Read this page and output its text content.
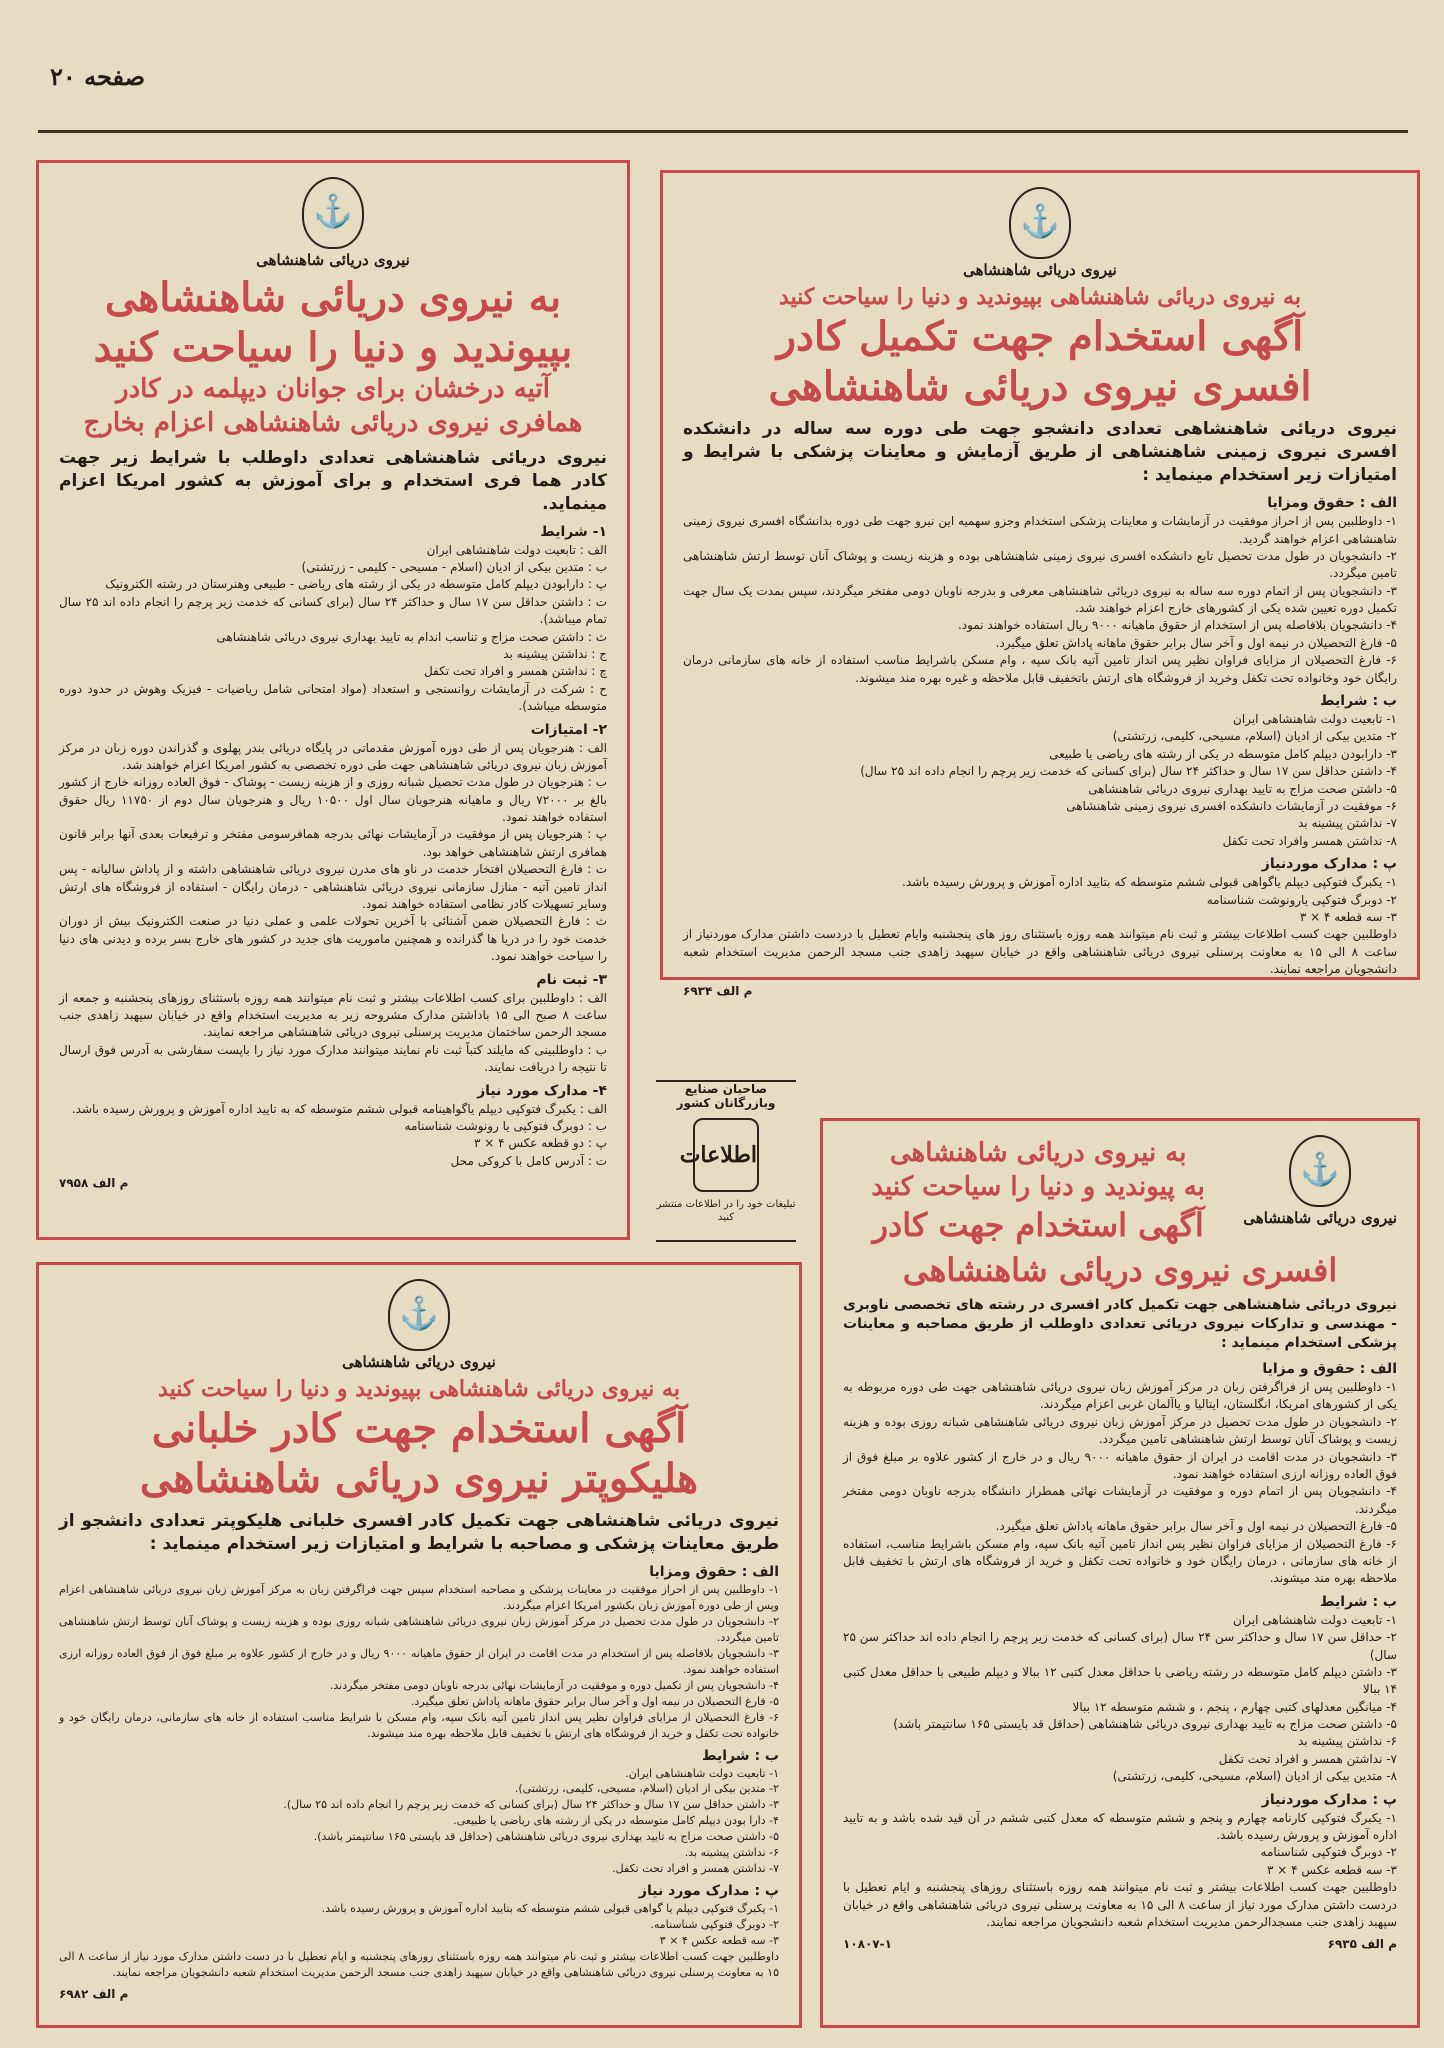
صفحه ۲۰
⚓
نیروی دریائی شاهنشاهی
به نیروی دریائی شاهنشاهی
بپیوندید و دنیا را سیاحت کنید
آتیه درخشان برای جوانان دیپلمه در کادر
همافری نیروی دریائی شاهنشاهی اعزام بخارج

نیروی دریائی شاهنشاهی تعدادی داوطلب با شرایط زیر جهت کادر هما فری استخدام و برای آموزش به کشور امریکا اعزام مینماید.

۱- شرایط

الف : تابعیت دولت شاهنشاهی ایران

ب : متدین بیکی از ادیان (اسلام - مسیحی - کلیمی - زرتشتی)

پ : دارابودن دیپلم کامل متوسطه در یکی از رشته های ریاضی - طبیعی وهنرستان در رشته الکترونیک

ت : داشتن حداقل سن ۱۷ سال و حداکثر ۲۴ سال (برای کسانی که خدمت زیر پرچم را انجام داده اند ۲۵ سال تمام میباشد).

ث : داشتن صحت مزاج و تناسب اندام به تایید بهداری نیروی دریائی شاهنشاهی

ج : نداشتن پیشینه بد

چ : نداشتن همسر و افراد تحت تکفل

ح : شرکت در آزمایشات روانسنجی و استعداد (مواد امتحانی شامل ریاضیات - فیزیک وهوش در حدود دوره متوسطه میباشد).

۲- امتیازات

الف : هنرجویان پس از طی دوره آموزش مقدماتی در پایگاه دریائی بندر پهلوی و گذراندن دوره زبان در مرکز آموزش زبان نیروی دریائی شاهنشاهی جهت طی دوره تخصصی به کشور امریکا اعزام خواهند شد.

ب : هنرجویان در طول مدت تحصیل شبانه روزی و از هزینه زیست - پوشاک - فوق العاده روزانه خارج از کشور بالغ بر ۷۲۰۰۰ ریال و ماهیانه هنرجویان سال اول ۱۰۵۰۰ ریال و هنرجویان سال دوم از ۱۱۷۵۰ ریال حقوق استفاده خواهند نمود.

پ : هنرجویان پس از موفقیت در آزمایشات نهائی بدرجه همافرسومی مفتخر و ترفیعات بعدی آنها برابر قانون همافری ارتش شاهنشاهی خواهد بود.

ت : فارغ التحصیلان افتخار خدمت در ناو های مدرن نیروی دریائی شاهنشاهی داشته و از پاداش سالیانه - پس انداز تامین آتیه - منازل سازمانی نیروی دریائی شاهنشاهی - درمان رایگان - استفاده از فروشگاه های ارتش وسایر تسهیلات کادر نظامی استفاده خواهند نمود.

ث : فارغ التحصیلان ضمن آشنائی با آخرین تحولات علمی و عملی دنیا در صنعت الکترونیک بیش از دوران خدمت خود را در دریا ها گذرانده و همچنین ماموریت های جدید در کشور های خارج بسر برده و دیدنی های دنیا را سیاحت خواهند نمود.

۳- ثبت نام

الف : داوطلبین برای کسب اطلاعات بیشتر و ثبت نام میتوانند همه روزه باستثنای روزهای پنجشنبه و جمعه از ساعت ۸ صبح الی ۱۵ باداشتن مدارک مشروحه زیر به مدیریت استخدام واقع در خیابان سپهبد زاهدی جنب مسجد الرحمن ساختمان مدیریت پرسنلی نیروی دریائی شاهنشاهی مراجعه نمایند.

ب : داوطلبینی که مایلند کتباً ثبت نام نمایند میتوانند مدارک مورد نیاز را باپست سفارشی به آدرس فوق ارسال تا نتیجه را دریافت نمایند.

۴- مدارک مورد نیاز

الف : یکبرگ فتوکپی دیپلم یاگواهینامه قبولی ششم متوسطه که به تایید اداره آموزش و پرورش رسیده باشد.

ب : دوبرگ فتوکپی یا رونوشت شناسنامه

پ : دو قطعه عکس ۴ × ۳

ت : آدرس کامل با کروکی محل

م الف ۷۹۵۸
⚓
نیروی دریائی شاهنشاهی
به نیروی دریائی شاهنشاهی بپیوندید و دنیا را سیاحت کنید
آگهی استخدام جهت تکمیل کادر
افسری نیروی دریائی شاهنشاهی

نیروی دریائی شاهنشاهی تعدادی دانشجو جهت طی دوره سه ساله در دانشکده افسری نیروی زمینی شاهنشاهی از طریق آزمایش و معاینات پزشکی با شرایط و امتیازات زیر استخدام مینماید :

الف : حقوق ومزایا

۱- داوطلبین پس از احراز موفقیت در آزمایشات و معاینات پزشکی استخدام وجزو سهمیه این نیرو جهت طی دوره بدانشگاه افسری نیروی زمینی شاهنشاهی اعزام خواهند گردید.

۲- دانشجویان در طول مدت تحصیل تابع دانشکده افسری نیروی زمینی شاهنشاهی بوده و هزینه زیست و پوشاک آنان توسط ارتش شاهنشاهی تامین میگردد.

۳- دانشجویان پس از اتمام دوره سه ساله به نیروی دریائی شاهنشاهی معرفی و بدرجه ناوبان دومی مفتخر میگردند، سپس بمدت یک سال جهت تکمیل دوره تعیین شده یکی از کشورهای خارج اعزام خواهند شد.

۴- دانشجویان بلافاصله پس از استخدام از حقوق ماهیانه ۹۰۰۰ ریال استفاده خواهند نمود.

۵- فارغ التحصیلان در نیمه اول و آخر سال برابر حقوق ماهانه پاداش تعلق میگیرد.

۶- فارغ التحصیلان از مزایای فراوان نظیر پس انداز تامین آتیه بانک سپه ، وام مسکن باشرایط مناسب استفاده از خانه های سازمانی درمان رایگان خود وخانواده تحت تکفل وخرید از فروشگاه های ارتش باتخفیف قابل ملاحظه و غیره بهره مند میشوند.

ب : شرایط

۱- تابعیت دولت شاهنشاهی ایران

۲- متدین بیکی از ادیان (اسلام، مسیحی، کلیمی، زرتشتی)

۳- دارابودن دیپلم کامل متوسطه در یکی از رشته های ریاضی یا طبیعی

۴- داشتن حداقل سن ۱۷ سال و حداکثر ۲۴ سال (برای کسانی که خدمت زیر پرچم را انجام داده اند ۲۵ سال)

۵- داشتن صحت مزاج به تایید بهداری نیروی دریائی شاهنشاهی

۶- موفقیت در آزمایشات دانشکده افسری نیروی زمینی شاهنشاهی

۷- نداشتن پیشینه بد

۸- نداشتن همسر وافراد تحت تکفل

پ : مدارک موردنیاز

۱- یکبرگ فتوکپی دیپلم یاگواهی قبولی ششم متوسطه که بتایید اداره آموزش و پرورش رسیده باشد.

۲- دوبرگ فتوکپی یارونوشت شناسنامه

۳- سه قطعه ۴ × ۳

داوطلبین جهت کسب اطلاعات بیشتر و ثبت نام میتوانند همه روزه باستثنای روز های پنجشنبه وایام تعطیل با دردست داشتن مدارک موردنیاز از ساعت ۸ الی ۱۵ به معاونت پرسنلی نیروی دریائی شاهنشاهی واقع در خیابان سپهبد زاهدی جنب مسجد الرحمن مدیریت استخدام شعبه دانشجویان مراجعه نمایند.

م الف ۶۹۳۴
صاحبان صنایع وبازرگانان کشور
اطلاعات
تبلیغات خود را در اطلاعات منتشر کنید
⚓
نیروی دریائی شاهنشاهی
به نیروی دریائی شاهنشاهی
به پیوندید و دنیا را سیاحت کنید
آگهی استخدام جهت کادر
افسری نیروی دریائی شاهنشاهی

نیروی دریائی شاهنشاهی جهت تکمیل کادر افسری در رشته های تخصصی ناوبری - مهندسی و تدارکات نیروی دریائی تعدادی داوطلب از طریق مصاحبه و معاینات پزشکی استخدام مینماید :

الف : حقوق و مزایا

۱- داوطلبین پس از فراگرفتن زبان در مرکز آموزش زبان نیروی دریائی شاهنشاهی جهت طی دوره مربوطه به یکی از کشورهای امریکا، انگلستان، ایتالیا و یاآلمان غربی اعزام میگردند.

۲- دانشجویان در طول مدت تحصیل در مرکز آموزش زبان نیروی دریائی شاهنشاهی شبانه روزی بوده و هزینه زیست و پوشاک آنان توسط ارتش شاهنشاهی تامین میگردد.

۳- دانشجویان در مدت اقامت در ایران از حقوق ماهیانه ۹۰۰۰ ریال و در خارج از کشور علاوه بر مبلغ فوق از فوق العاده روزانه ارزی استفاده خواهند نمود.

۴- دانشجویان پس از اتمام دوره و موفقیت در آزمایشات نهائی همطراز دانشگاه بدرجه ناوبان دومی مفتخر میگردند.

۵- فارغ التحصیلان در نیمه اول و آخر سال برابر حقوق ماهانه پاداش تعلق میگیرد.

۶- فارغ التحصیلان از مزایای فراوان نظیر پس انداز تامین آتیه بانک سپه، وام مسکن باشرایط مناسب، استفاده از خانه های سازمانی ، درمان رایگان خود و خانواده تحت تکفل و خرید از فروشگاه های ارتش با تخفیف قابل ملاحظه بهره مند میشوند.

ب : شرایط

۱- تابعیت دولت شاهنشاهی ایران

۲- حداقل سن ۱۷ سال و حداکثر سن ۲۴ سال (برای کسانی که خدمت زیر پرچم را انجام داده اند حداکثر سن ۲۵ سال)

۳- داشتن دیپلم کامل متوسطه در رشته ریاضی با حداقل معدل کتبی ۱۲ ببالا و دیپلم طبیعی با حداقل معدل کتبی ۱۴ ببالا

۴- میانگین معدلهای کتبی چهارم ، پنجم ، و ششم متوسطه ۱۲ ببالا

۵- داشتن صحت مزاج به تایید بهداری نیروی دریائی شاهنشاهی (حداقل قد بایستی ۱۶۵ سانتیمتر باشد)

۶- نداشتن پیشینه بد

۷- نداشتن همسر و افراد تحت تکفل

۸- متدین بیکی از ادیان (اسلام، مسیحی، کلیمی، زرتشتی)

پ : مدارک موردنیاز

۱- یکبرگ فتوکپی کارنامه چهارم و پنجم و ششم متوسطه که معدل کتبی ششم در آن قید شده باشد و به تایید اداره آموزش و پرورش رسیده باشد.

۲- دوبرگ فتوکپی شناسنامه

۳- سه قطعه عکس ۴ × ۳

داوطلبین جهت کسب اطلاعات بیشتر و ثبت نام میتوانند همه روزه باستثنای روزهای پنجشنبه و ایام تعطیل با دردست داشتن مدارک مورد نیاز از ساعت ۸ الی ۱۵ به معاونت پرسنلی نیروی دریائی شاهنشاهی واقع در خیابان سپهبد زاهدی جنب مسجدالرحمن مدیریت استخدام شعبه دانشجویان مراجعه نمایند.

۱۰۸۰۷-۱	م الف ۶۹۳۵
⚓
نیروی دریائی شاهنشاهی
به نیروی دریائی شاهنشاهی بپیوندید و دنیا را سیاحت کنید
آگهی استخدام جهت کادر خلبانی
هلیکوپتر نیروی دریائی شاهنشاهی

نیروی دریائی شاهنشاهی جهت تکمیل کادر افسری خلبانی هلیکوپتر تعدادی دانشجو از طریق معاینات پزشکی و مصاحبه با شرایط و امتیازات زیر استخدام مینماید :

الف : حقوق ومزایا

۱- داوطلبین پس از احراز موفقیت در معاینات پزشکی و مصاحبه استخدام سپس جهت فراگرفتن زبان به مرکز آموزش زبان نیروی دریائی شاهنشاهی اعزام وپس از طی دوره آموزش زبان بکشور امریکا اعزام میگردند.

۲- دانشجویان در طول مدت تحصیل در مرکز آموزش زبان نیروی دریائی شاهنشاهی شبانه روزی بوده و هزینه زیست و پوشاک آنان توسط ارتش شاهنشاهی تامین میگردد.

۳- دانشجویان بلافاصله پس از استخدام در مدت اقامت در ایران از حقوق ماهیانه ۹۰۰۰ ریال و در خارج از کشور علاوه بر مبلغ فوق از فوق العاده روزانه ارزی استفاده خواهند نمود.

۴- دانشجویان پس از تکمیل دوره و موفقیت در آزمایشات نهائی بدرجه ناوبان دومی مفتخر میگردند.

۵- فارغ التحصیلان در نیمه اول و آخر سال برابر حقوق ماهانه پاداش تعلق میگیرد.

۶- فارغ التحصیلان از مزایای فراوان نظیر پس انداز تامین آتیه بانک سپه، وام مسکن با شرایط مناسب استفاده از خانه های سازمانی، درمان رایگان خود و خانواده تحت تکفل و خرید از فروشگاه های ارتش با تخفیف قابل ملاحظه بهره مند میشوند.

ب : شرایط

۱- تابعیت دولت شاهنشاهی ایران.

۲- متدین بیکی از ادیان (اسلام، مسیحی، کلیمی، زرتشتی).

۳- داشتن حداقل سن ۱۷ سال و حداکثر ۲۴ سال (برای کسانی که خدمت زیر پرچم را انجام داده اند ۲۵ سال).

۴- دارا بودن دیپلم کامل متوسطه در یکی از رشته های ریاضی یا طبیعی.

۵- داشتن صحت مزاج به تایید بهداری نیروی دریائی شاهنشاهی (حداقل قد بایستی ۱۶۵ سانتیمتر باشد).

۶- نداشتن پیشینه بد.

۷- نداشتن همسر و افراد تحت تکفل.

پ : مدارک مورد نیاز

۱- یکبرگ فتوکپی دیپلم یا گواهی قبولی ششم متوسطه که بتایید اداره آموزش و پرورش رسیده باشد.

۲- دوبرگ فتوکپی شناسنامه.

۳- سه قطعه عکس ۴ × ۳

داوطلبین جهت کسب اطلاعات بیشتر و ثبت نام میتوانند همه روزه باستثنای روزهای پنجشنبه و ایام تعطیل با در دست داشتن مدارک مورد نیاز از ساعت ۸ الی ۱۵ به معاونت پرسنلی نیروی دریائی شاهنشاهی واقع در خیابان سپهبد زاهدی جنب مسجد الرحمن مدیریت استخدام شعبه دانشجویان مراجعه نمایند.

م الف ۶۹۸۲
